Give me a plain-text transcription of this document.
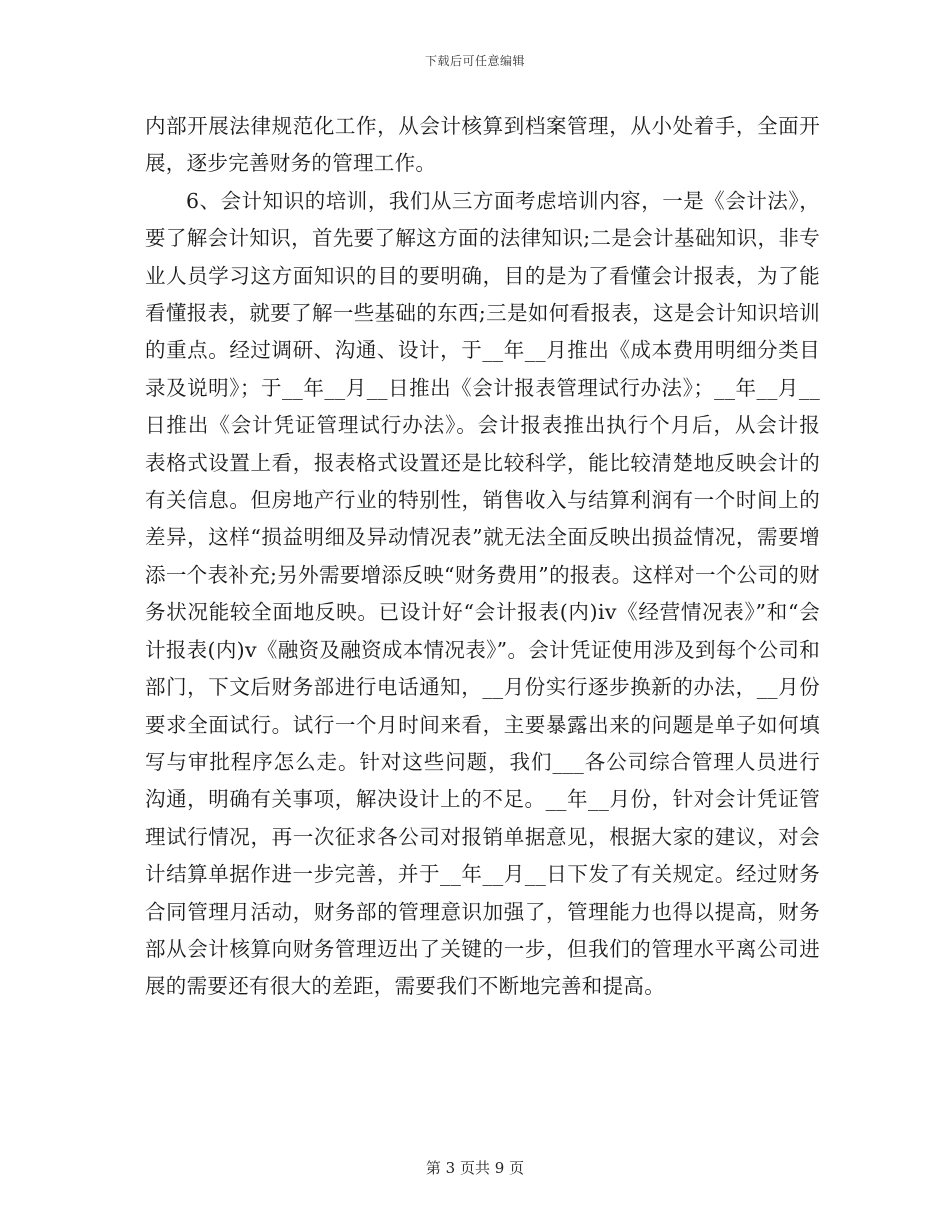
下载后可任意编辑

内部开展法律规范化工作，从会计核算到档案管理，从小处着手，全面开展，逐步完善财务的管理工作。

6、会计知识的培训，我们从三方面考虑培训内容，一是《会计法》，要了解会计知识，首先要了解这方面的法律知识;二是会计基础知识，非专业人员学习这方面知识的目的要明确，目的是为了看懂会计报表，为了能看懂报表，就要了解一些基础的东西;三是如何看报表，这是会计知识培训的重点。经过调研、沟通、设计，于__年__月推出《成本费用明细分类目录及说明》；于__年__月__日推出《会计报表管理试行办法》；__年__月__日推出《会计凭证管理试行办法》。会计报表推出执行个月后，从会计报表格式设置上看，报表格式设置还是比较科学，能比较清楚地反映会计的有关信息。但房地产行业的特别性，销售收入与结算利润有一个时间上的差异，这样“损益明细及异动情况表”就无法全面反映出损益情况，需要增添一个表补充;另外需要增添反映“财务费用”的报表。这样对一个公司的财务状况能较全面地反映。已设计好“会计报表(内)iv《经营情况表》”和“会计报表(内)v《融资及融资成本情况表》”。会计凭证使用涉及到每个公司和部门，下文后财务部进行电话通知，__月份实行逐步换新的办法，__月份要求全面试行。试行一个月时间来看，主要暴露出来的问题是单子如何填写与审批程序怎么走。针对这些问题，我们___各公司综合管理人员进行沟通，明确有关事项，解决设计上的不足。__年__月份，针对会计凭证管理试行情况，再一次征求各公司对报销单据意见，根据大家的建议，对会计结算单据作进一步完善，并于__年__月__日下发了有关规定。经过财务合同管理月活动，财务部的管理意识加强了，管理能力也得以提高，财务部从会计核算向财务管理迈出了关键的一步，但我们的管理水平离公司进展的需要还有很大的差距，需要我们不断地完善和提高。

第 3 页共 9 页
